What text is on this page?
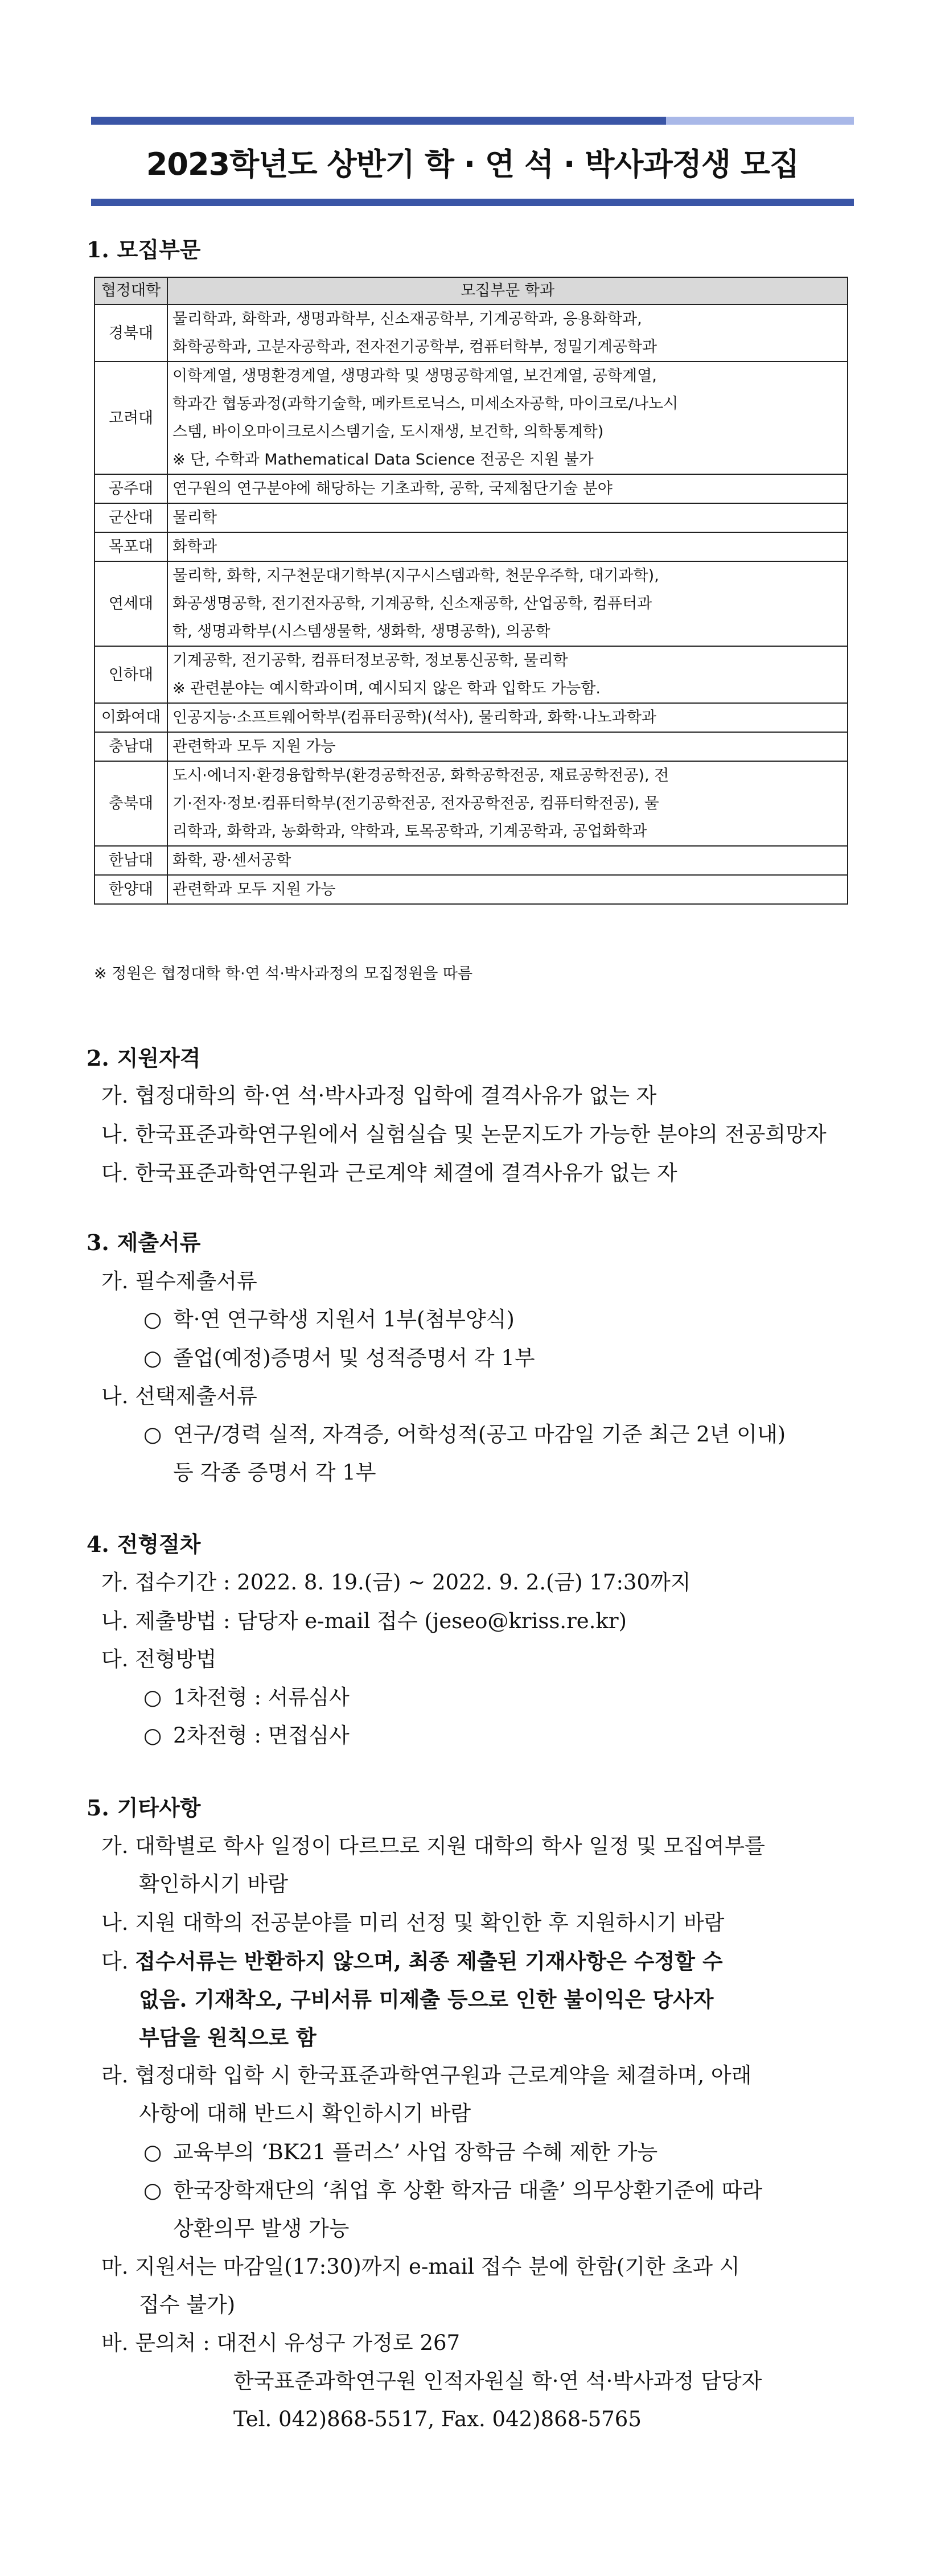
2023학년도 상반기 학 · 연 석 · 박사과정생 모집
1. 모집부문
협정대학	모집부문 학과
경북대	물리학과, 화학과, 생명과학부, 신소재공학부, 기계공학과, 응용화학과,
화학공학과, 고분자공학과, 전자전기공학부, 컴퓨터학부, 정밀기계공학과

고려대	이학계열, 생명환경계열, 생명과학 및 생명공학계열, 보건계열, 공학계열,
학과간 협동과정(과학기술학, 메카트로닉스, 미세소자공학, 마이크로/나노시
스템, 바이오마이크로시스템기술, 도시재생, 보건학, 의학통계학)
※ 단, 수학과 Mathematical Data Science 전공은 지원 불가

공주대	연구원의 연구분야에 해당하는 기초과학, 공학, 국제첨단기술 분야

군산대	물리학

목포대	화학과

연세대	물리학, 화학, 지구천문대기학부(지구시스템과학, 천문우주학, 대기과학),
화공생명공학, 전기전자공학, 기계공학, 신소재공학, 산업공학, 컴퓨터과
학, 생명과학부(시스템생물학, 생화학, 생명공학), 의공학

인하대	기계공학, 전기공학, 컴퓨터정보공학, 정보통신공학, 물리학
※ 관련분야는 예시학과이며, 예시되지 않은 학과 입학도 가능함.

이화여대	인공지능·소프트웨어학부(컴퓨터공학)(석사), 물리학과, 화학·나노과학과

충남대	관련학과 모두 지원 가능

충북대	도시·에너지·환경융합학부(환경공학전공, 화학공학전공, 재료공학전공), 전
기·전자·정보·컴퓨터학부(전기공학전공, 전자공학전공, 컴퓨터학전공), 물
리학과, 화학과, 농화학과, 약학과, 토목공학과, 기계공학과, 공업화학과

한남대	화학, 광·센서공학

한양대	관련학과 모두 지원 가능
※ 정원은 협정대학 학·연 석·박사과정의 모집정원을 따름
2. 지원자격
가. 협정대학의 학·연 석·박사과정 입학에 결격사유가 없는 자
나. 한국표준과학연구원에서 실험실습 및 논문지도가 가능한 분야의 전공희망자
다. 한국표준과학연구원과 근로계약 체결에 결격사유가 없는 자
3. 제출서류
가. 필수제출서류
○ 학·연 연구학생 지원서 1부(첨부양식)
○ 졸업(예정)증명서 및 성적증명서 각 1부
나. 선택제출서류
○ 연구/경력 실적, 자격증, 어학성적(공고 마감일 기준 최근 2년 이내)
등 각종 증명서 각 1부
4. 전형절차
가. 접수기간 : 2022. 8. 19.(금) ~ 2022. 9. 2.(금) 17:30까지
나. 제출방법 : 담당자 e-mail 접수 (jeseo@kriss.re.kr)
다. 전형방법
○ 1차전형 : 서류심사
○ 2차전형 : 면접심사
5. 기타사항
가. 대학별로 학사 일정이 다르므로 지원 대학의 학사 일정 및 모집여부를
확인하시기 바람
나. 지원 대학의 전공분야를 미리 선정 및 확인한 후 지원하시기 바람
다. 접수서류는 반환하지 않으며, 최종 제출된 기재사항은 수정할 수
없음. 기재착오, 구비서류 미제출 등으로 인한 불이익은 당사자
부담을 원칙으로 함
라. 협정대학 입학 시 한국표준과학연구원과 근로계약을 체결하며, 아래
사항에 대해 반드시 확인하시기 바람
○ 교육부의 ‘BK21 플러스’ 사업 장학금 수혜 제한 가능
○ 한국장학재단의 ‘취업 후 상환 학자금 대출’ 의무상환기준에 따라
상환의무 발생 가능
마. 지원서는 마감일(17:30)까지 e-mail 접수 분에 한함(기한 초과 시
접수 불가)
바. 문의처 : 대전시 유성구 가정로 267
한국표준과학연구원 인적자원실 학·연 석·박사과정 담당자
Tel. 042)868-5517, Fax. 042)868-5765
